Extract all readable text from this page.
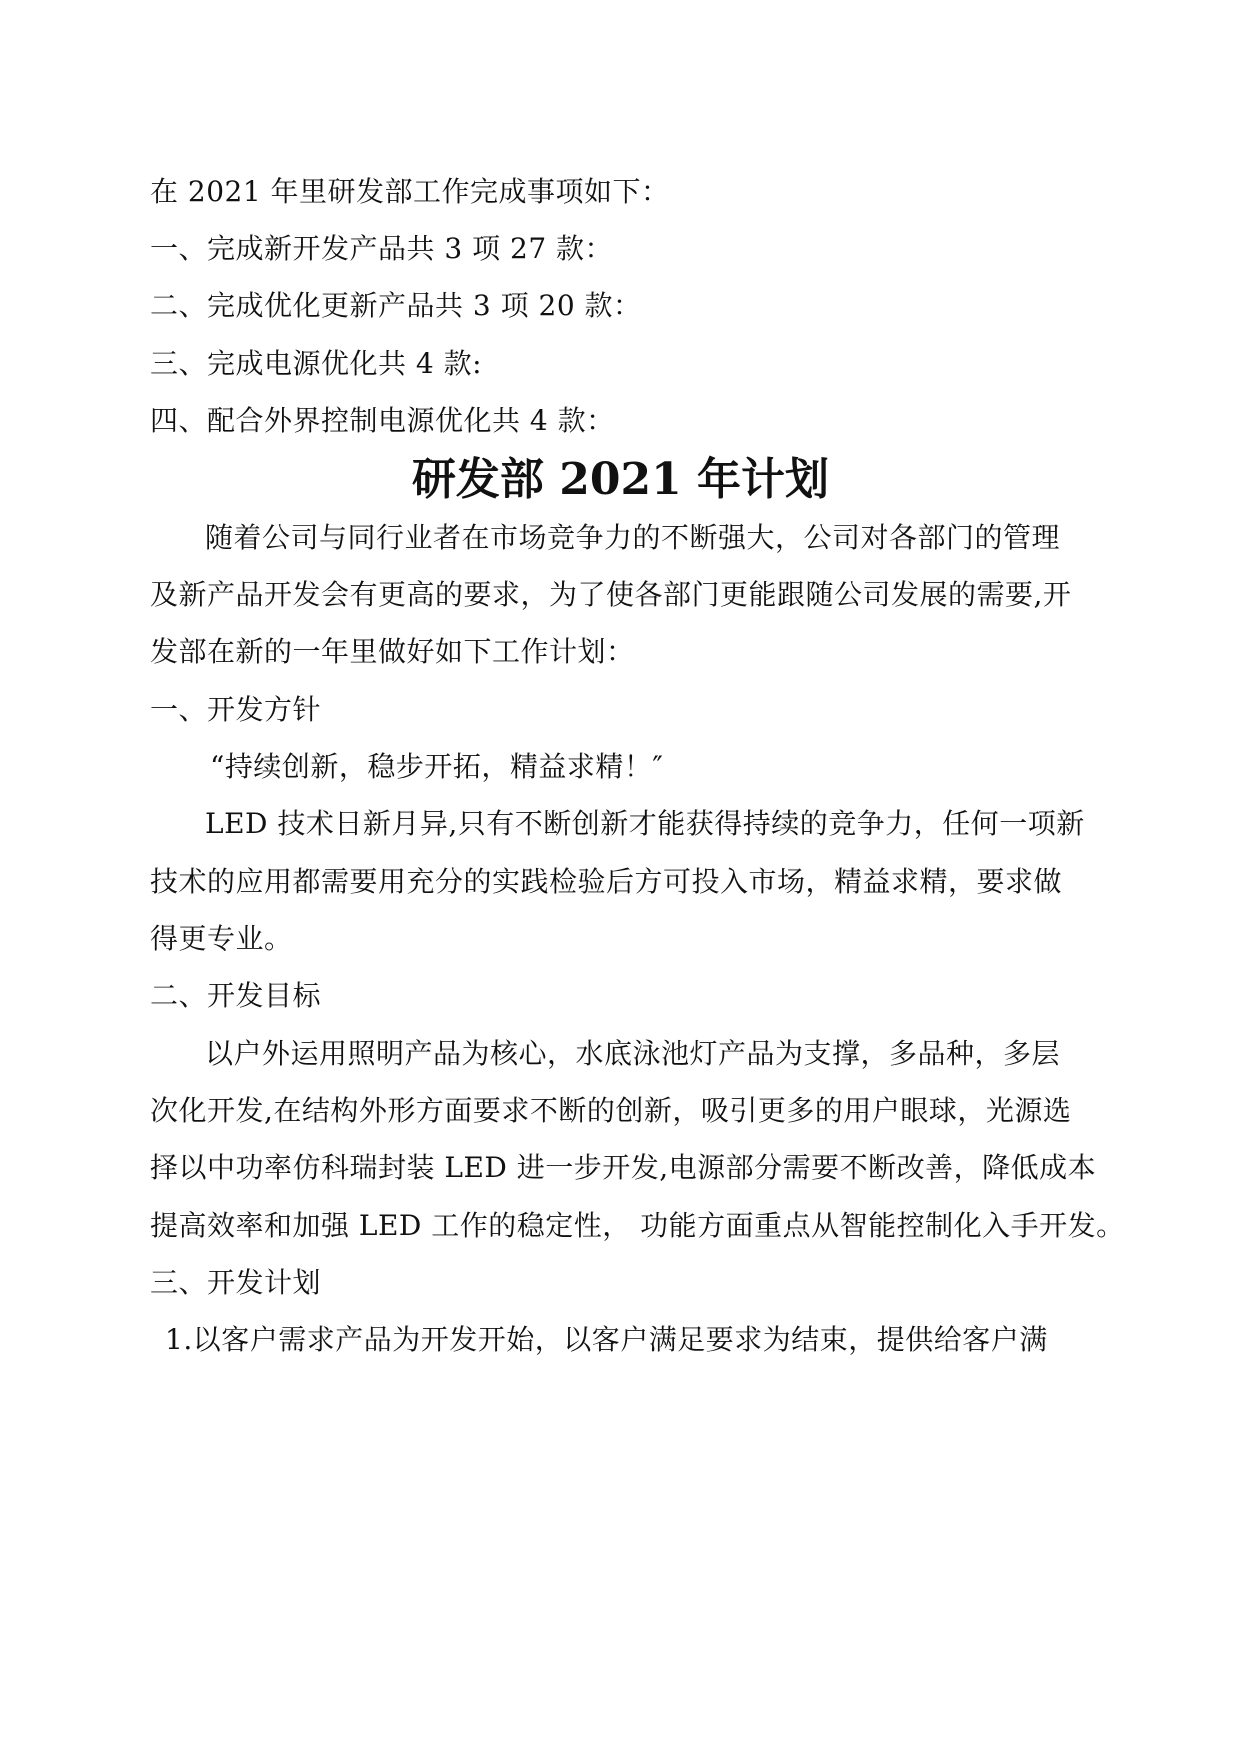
在 2021 年里研发部工作完成事项如下：
一、完成新开发产品共 3 项 27 款：
二、完成优化更新产品共 3 项 20 款：
三、完成电源优化共 4 款:
四、配合外界控制电源优化共 4 款：
研发部 2021 年计划
随着公司与同行业者在市场竞争力的不断强大，公司对各部门的管理
及新产品开发会有更高的要求，为了使各部门更能跟随公司发展的需要,开
发部在新的一年里做好如下工作计划：
一、开发方针
“持续创新，稳步开拓，精益求精！″
LED 技术日新月异,只有不断创新才能获得持续的竞争力，任何一项新
技术的应用都需要用充分的实践检验后方可投入市场，精益求精，要求做
得更专业。
二、开发目标
以户外运用照明产品为核心，水底泳池灯产品为支撑，多品种，多层
次化开发,在结构外形方面要求不断的创新，吸引更多的用户眼球，光源选
择以中功率仿科瑞封装 LED 进一步开发,电源部分需要不断改善，降低成本
提高效率和加强 LED 工作的稳定性， 功能方面重点从智能控制化入手开发。
三、开发计划
1.以客户需求产品为开发开始，以客户满足要求为结束，提供给客户满
